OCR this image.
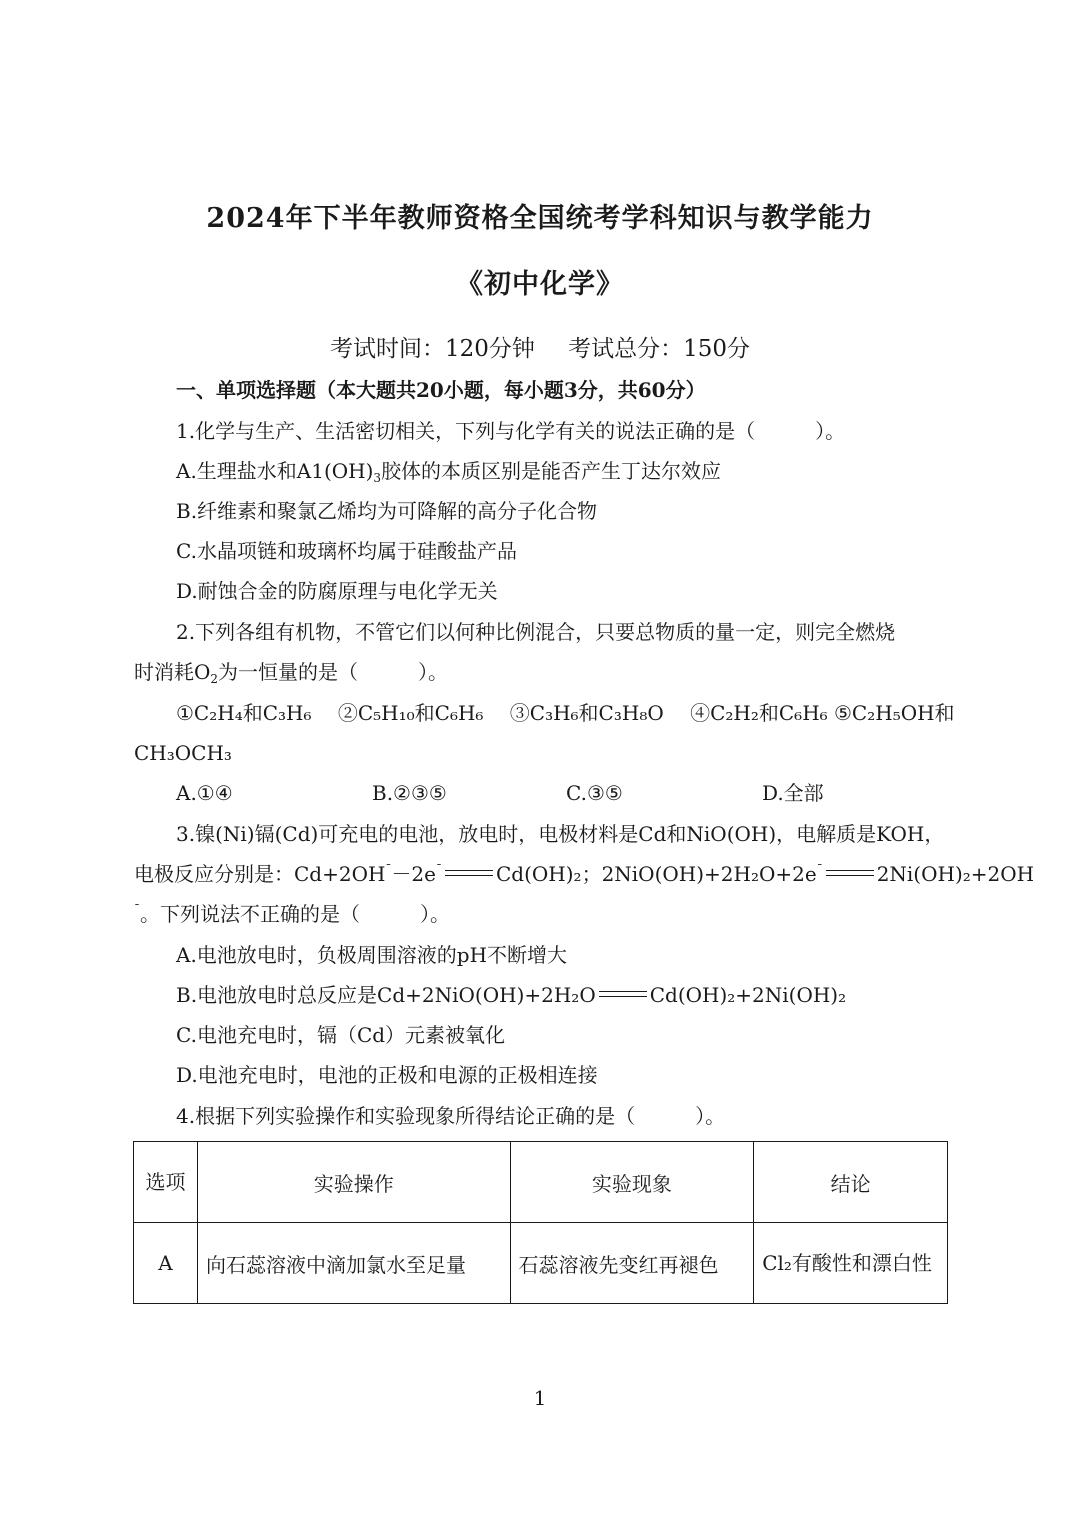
2024年下半年教师资格全国统考学科知识与教学能力
《初中化学》
考试时间：120分钟 考试总分：150分
一、单项选择题（本大题共20小题，每小题3分，共60分）
1.化学与生产、生活密切相关，下列与化学有关的说法正确的是（　　　）。
A.生理盐水和$A1(OH)_3$胶体的本质区别是能否产生丁达尔效应
B.纤维素和聚氯乙烯均为可降解的高分子化合物
C.水晶项链和玻璃杯均属于硅酸盐产品
D.耐蚀合金的防腐原理与电化学无关
2.下列各组有机物，不管它们以何种比例混合，只要总物质的量一定，则完全燃烧
时消耗$O_2$为一恒量的是（　　　）。
①C₂H₄和C₃H₆　 ②C₅H₁₀和C₆H₆　 ③C₃H₆和C₃H₈O　 ④C₂H₂和C₆H₆ ⑤C₂H₅OH和
CH₃OCH₃
A.①④	B.②③⑤	C.③⑤	D.全部
3.镍(Ni)镉(Cd)可充电的电池，放电时，电极材料是Cd和NiO(OH)，电解质是KOH，
电极反应分别是：$Cd+2OH^ˉ-2e^ˉ$	Cd(OH)₂；$2NiO(OH)+2H_2O+2e^ˉ$	2Ni(OH)₂+2OH
$^ˉ$。下列说法不正确的是（　　　）。
A.电池放电时，负极周围溶液的pH不断增大
B.电池放电时总反应是Cd+2NiO(OH)+2H₂O	Cd(OH)₂+2Ni(OH)₂
C.电池充电时，镉（Cd）元素被氧化
D.电池充电时，电池的正极和电源的正极相连接
4.根据下列实验操作和实验现象所得结论正确的是（　　　）。
选项	实验操作	实验现象	结论
A	向石蕊溶液中滴加氯水至足量	石蕊溶液先变红再褪色	Cl₂有酸性和漂白性
1
